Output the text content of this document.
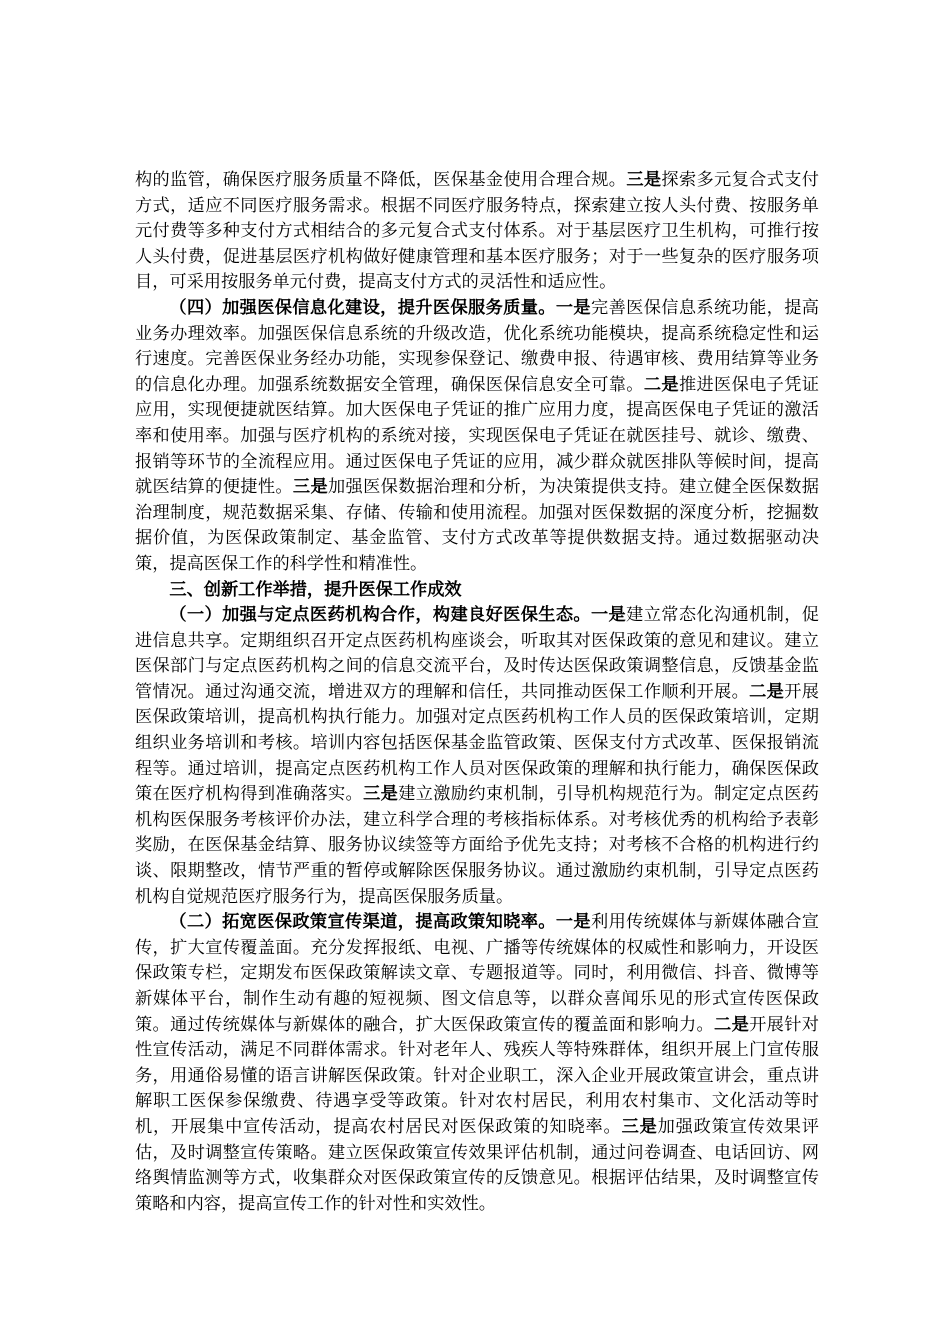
构的监管，确保医疗服务质量不降低，医保基金使用合理合规。三是探索多元复合式支付方式，适应不同医疗服务需求。根据不同医疗服务特点，探索建立按人头付费、按服务单元付费等多种支付方式相结合的多元复合式支付体系。对于基层医疗卫生机构，可推行按人头付费，促进基层医疗机构做好健康管理和基本医疗服务；对于一些复杂的医疗服务项目，可采用按服务单元付费，提高支付方式的灵活性和适应性。

（四）加强医保信息化建设，提升医保服务质量。一是完善医保信息系统功能，提高业务办理效率。加强医保信息系统的升级改造，优化系统功能模块，提高系统稳定性和运行速度。完善医保业务经办功能，实现参保登记、缴费申报、待遇审核、费用结算等业务的信息化办理。加强系统数据安全管理，确保医保信息安全可靠。二是推进医保电子凭证应用，实现便捷就医结算。加大医保电子凭证的推广应用力度，提高医保电子凭证的激活率和使用率。加强与医疗机构的系统对接，实现医保电子凭证在就医挂号、就诊、缴费、报销等环节的全流程应用。通过医保电子凭证的应用，减少群众就医排队等候时间，提高就医结算的便捷性。三是加强医保数据治理和分析，为决策提供支持。建立健全医保数据治理制度，规范数据采集、存储、传输和使用流程。加强对医保数据的深度分析，挖掘数据价值，为医保政策制定、基金监管、支付方式改革等提供数据支持。通过数据驱动决策，提高医保工作的科学性和精准性。

三、创新工作举措，提升医保工作成效

（一）加强与定点医药机构合作，构建良好医保生态。一是建立常态化沟通机制，促进信息共享。定期组织召开定点医药机构座谈会，听取其对医保政策的意见和建议。建立医保部门与定点医药机构之间的信息交流平台，及时传达医保政策调整信息，反馈基金监管情况。通过沟通交流，增进双方的理解和信任，共同推动医保工作顺利开展。二是开展医保政策培训，提高机构执行能力。加强对定点医药机构工作人员的医保政策培训，定期组织业务培训和考核。培训内容包括医保基金监管政策、医保支付方式改革、医保报销流程等。通过培训，提高定点医药机构工作人员对医保政策的理解和执行能力，确保医保政策在医疗机构得到准确落实。三是建立激励约束机制，引导机构规范行为。制定定点医药机构医保服务考核评价办法，建立科学合理的考核指标体系。对考核优秀的机构给予表彰奖励，在医保基金结算、服务协议续签等方面给予优先支持；对考核不合格的机构进行约谈、限期整改，情节严重的暂停或解除医保服务协议。通过激励约束机制，引导定点医药机构自觉规范医疗服务行为，提高医保服务质量。

（二）拓宽医保政策宣传渠道，提高政策知晓率。一是利用传统媒体与新媒体融合宣传，扩大宣传覆盖面。充分发挥报纸、电视、广播等传统媒体的权威性和影响力，开设医保政策专栏，定期发布医保政策解读文章、专题报道等。同时，利用微信、抖音、微博等新媒体平台，制作生动有趣的短视频、图文信息等，以群众喜闻乐见的形式宣传医保政策。通过传统媒体与新媒体的融合，扩大医保政策宣传的覆盖面和影响力。二是开展针对性宣传活动，满足不同群体需求。针对老年人、残疾人等特殊群体，组织开展上门宣传服务，用通俗易懂的语言讲解医保政策。针对企业职工，深入企业开展政策宣讲会，重点讲解职工医保参保缴费、待遇享受等政策。针对农村居民，利用农村集市、文化活动等时机，开展集中宣传活动，提高农村居民对医保政策的知晓率。三是加强政策宣传效果评估，及时调整宣传策略。建立医保政策宣传效果评估机制，通过问卷调查、电话回访、网络舆情监测等方式，收集群众对医保政策宣传的反馈意见。根据评估结果，及时调整宣传策略和内容，提高宣传工作的针对性和实效性。
